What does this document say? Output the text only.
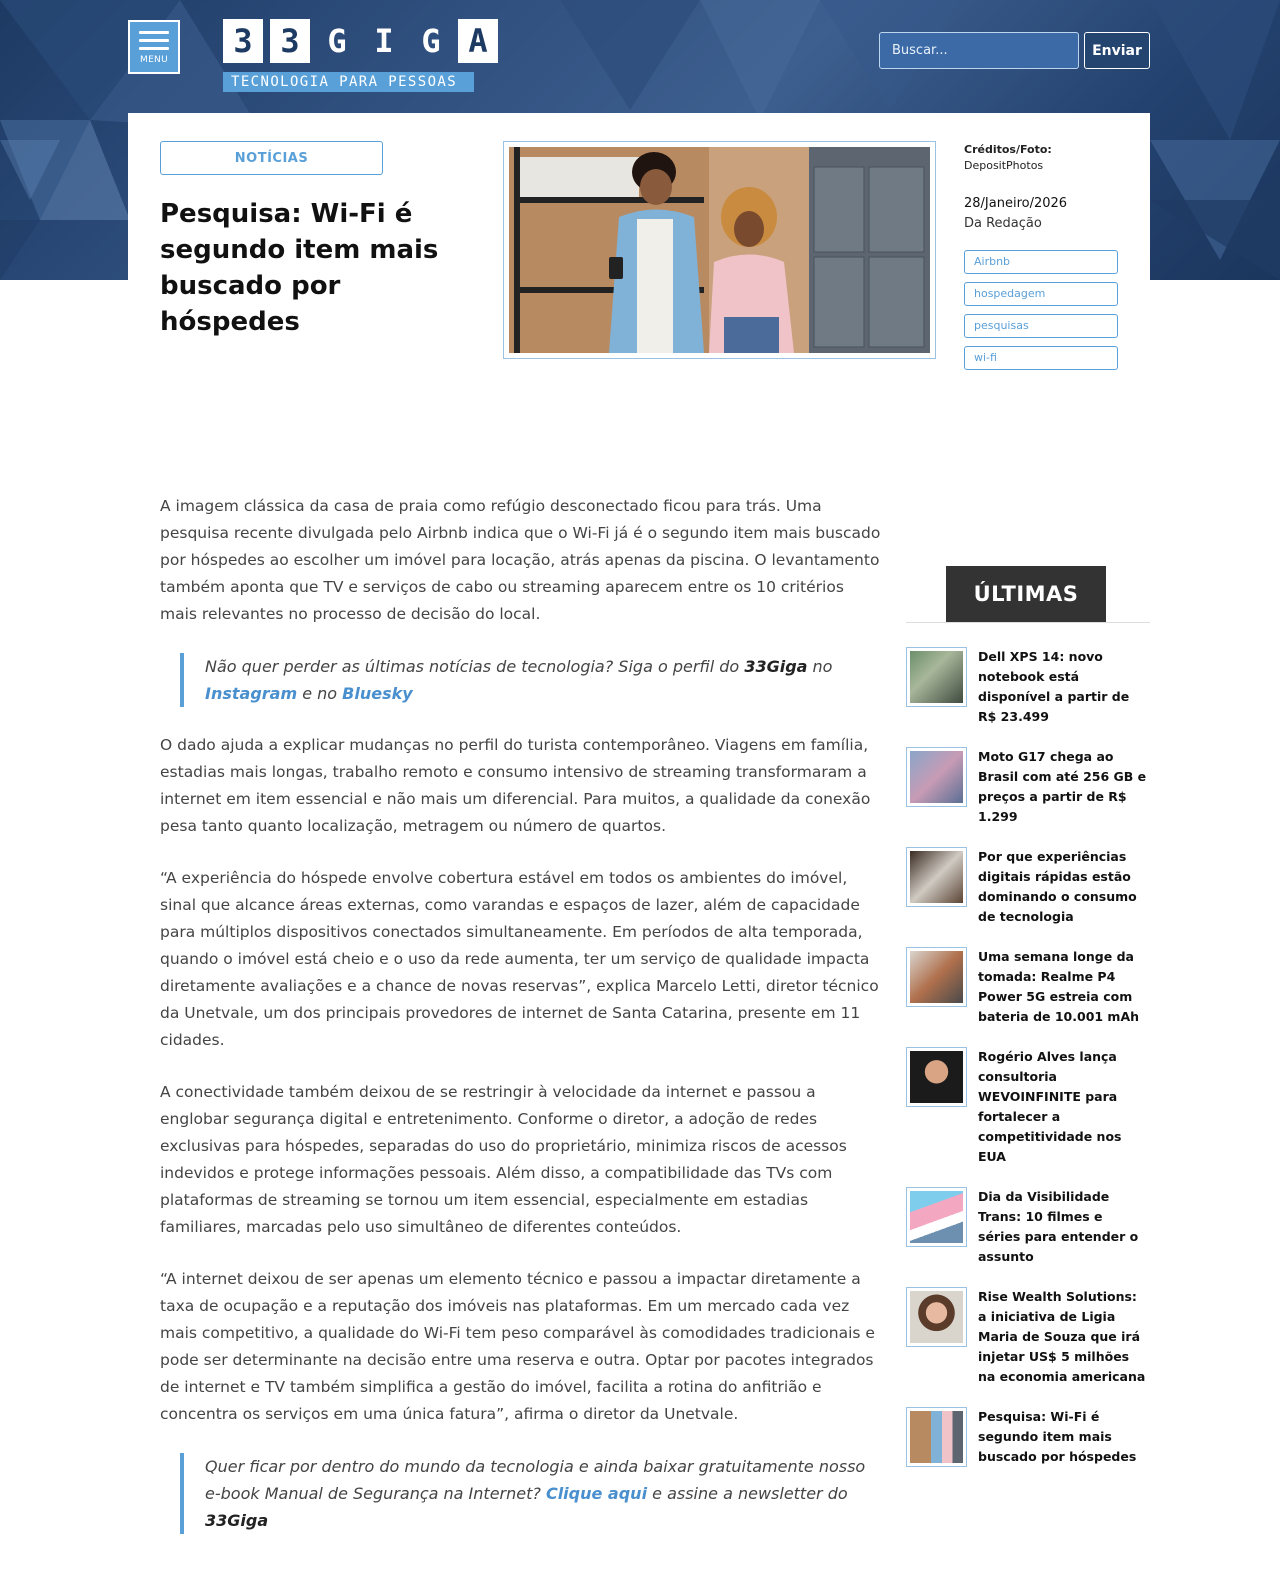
MENU	3 3 G I G A
TECNOLOGIA PARA PESSOAS
Buscar...
Enviar
NOTÍCIAS
Pesquisa: Wi-Fi é segundo item mais buscado por hóspedes
Créditos/Foto:
DepositPhotos
28/Janeiro/2026
Da Redação
Airbnb
hospedagem
pesquisas
wi-fi

A imagem clássica da casa de praia como refúgio desconectado ficou para trás. Uma pesquisa recente divulgada pelo Airbnb indica que o Wi-Fi já é o segundo item mais buscado por hóspedes ao escolher um imóvel para locação, atrás apenas da piscina. O levantamento também aponta que TV e serviços de cabo ou streaming aparecem entre os 10 critérios mais relevantes no processo de decisão do local.

Não quer perder as últimas notícias de tecnologia? Siga o perfil do 33Giga no Instagram e no Bluesky

O dado ajuda a explicar mudanças no perfil do turista contemporâneo. Viagens em família, estadias mais longas, trabalho remoto e consumo intensivo de streaming transformaram a internet em item essencial e não mais um diferencial. Para muitos, a qualidade da conexão pesa tanto quanto localização, metragem ou número de quartos.

“A experiência do hóspede envolve cobertura estável em todos os ambientes do imóvel, sinal que alcance áreas externas, como varandas e espaços de lazer, além de capacidade para múltiplos dispositivos conectados simultaneamente. Em períodos de alta temporada, quando o imóvel está cheio e o uso da rede aumenta, ter um serviço de qualidade impacta diretamente avaliações e a chance de novas reservas”, explica Marcelo Letti, diretor técnico da Unetvale, um dos principais provedores de internet de Santa Catarina, presente em 11 cidades.

A conectividade também deixou de se restringir à velocidade da internet e passou a englobar segurança digital e entretenimento. Conforme o diretor, a adoção de redes exclusivas para hóspedes, separadas do uso do proprietário, minimiza riscos de acessos indevidos e protege informações pessoais. Além disso, a compatibilidade das TVs com plataformas de streaming se tornou um item essencial, especialmente em estadias familiares, marcadas pelo uso simultâneo de diferentes conteúdos.

“A internet deixou de ser apenas um elemento técnico e passou a impactar diretamente a taxa de ocupação e a reputação dos imóveis nas plataformas. Em um mercado cada vez mais competitivo, a qualidade do Wi-Fi tem peso comparável às comodidades tradicionais e pode ser determinante na decisão entre uma reserva e outra. Optar por pacotes integrados de internet e TV também simplifica a gestão do imóvel, facilita a rotina do anfitrião e concentra os serviços em uma única fatura”, afirma o diretor da Unetvale.

Quer ficar por dentro do mundo da tecnologia e ainda baixar gratuitamente nosso e-book Manual de Segurança na Internet? Clique aqui e assine a newsletter do 33Giga
ÚLTIMAS
Dell XPS 14: novo notebook está disponível a partir de R$ 23.499
Moto G17 chega ao Brasil com até 256 GB e preços a partir de R$ 1.299
Por que experiências digitais rápidas estão dominando o consumo de tecnologia
Uma semana longe da tomada: Realme P4 Power 5G estreia com bateria de 10.001 mAh
Rogério Alves lança consultoria WEVOINFINITE para fortalecer a competitividade nos EUA
Dia da Visibilidade Trans: 10 filmes e séries para entender o assunto
Rise Wealth Solutions: a iniciativa de Ligia Maria de Souza que irá injetar US$ 5 milhões na economia americana
Pesquisa: Wi-Fi é segundo item mais buscado por hóspedes
